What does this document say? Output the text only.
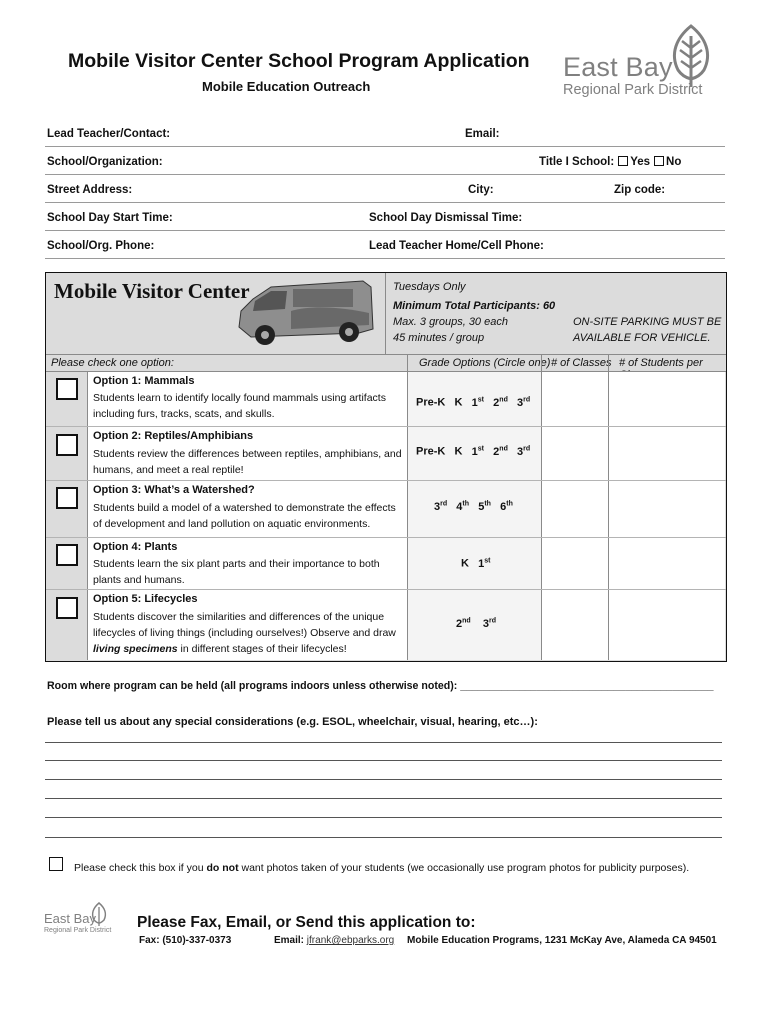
Mobile Visitor Center School Program Application
Mobile Education Outreach
East Bay
Regional Park District
Lead Teacher/Contact:	Email:
School/Organization:	Title I School: Yes No
Street Address:	City:	Zip code:
School Day Start Time:	School Day Dismissal Time:
School/Org. Phone:	Lead Teacher Home/Cell Phone:
Mobile Visitor Center	Tuesdays Only
Minimum Total Participants: 60
Max. 3 groups, 30 each
45 minutes / group
ON-SITE PARKING MUST BE
AVAILABLE FOR VEHICLE.
Please check one option:	Grade Options (Circle one) # of Classes # of Students per
Option 1: Mammals
Students learn to identify locally found mammals using artifacts
including furs, tracks, scats, and skulls.
Pre-K K 1st 2nd 3rd
Option 2: Reptiles/Amphibians
Students review the differences between reptiles, amphibians, and
humans, and meet a real reptile!
Pre-K K 1st 2nd 3rd
Option 3: What’s a Watershed?
Students build a model of a watershed to demonstrate the effects
of development and land pollution on aquatic environments.
3rd 4th 5th 6th
Option 4: Plants
Students learn the six plant parts and their importance to both
plants and humans.
K 1st
Option 5: Lifecycles
Students discover the similarities and differences of the unique
lifecycles of living things (including ourselves!) Observe and draw
living specimens in different stages of their lifecycles!
2nd 3rd
Room where program can be held (all programs indoors unless otherwise noted): ___________________________________________
Please tell us about any special considerations (e.g. ESOL, wheelchair, visual, hearing, etc…):
Please check this box if you do not want photos taken of your students (we occasionally use program photos for publicity purposes).
East Bay
Regional Park District Please Fax, Email, or Send this application to:
Fax: (510)-337-0373	Email: jfrank@ebparks.org Mobile Education Programs, 1231 McKay Ave, Alameda CA 94501
